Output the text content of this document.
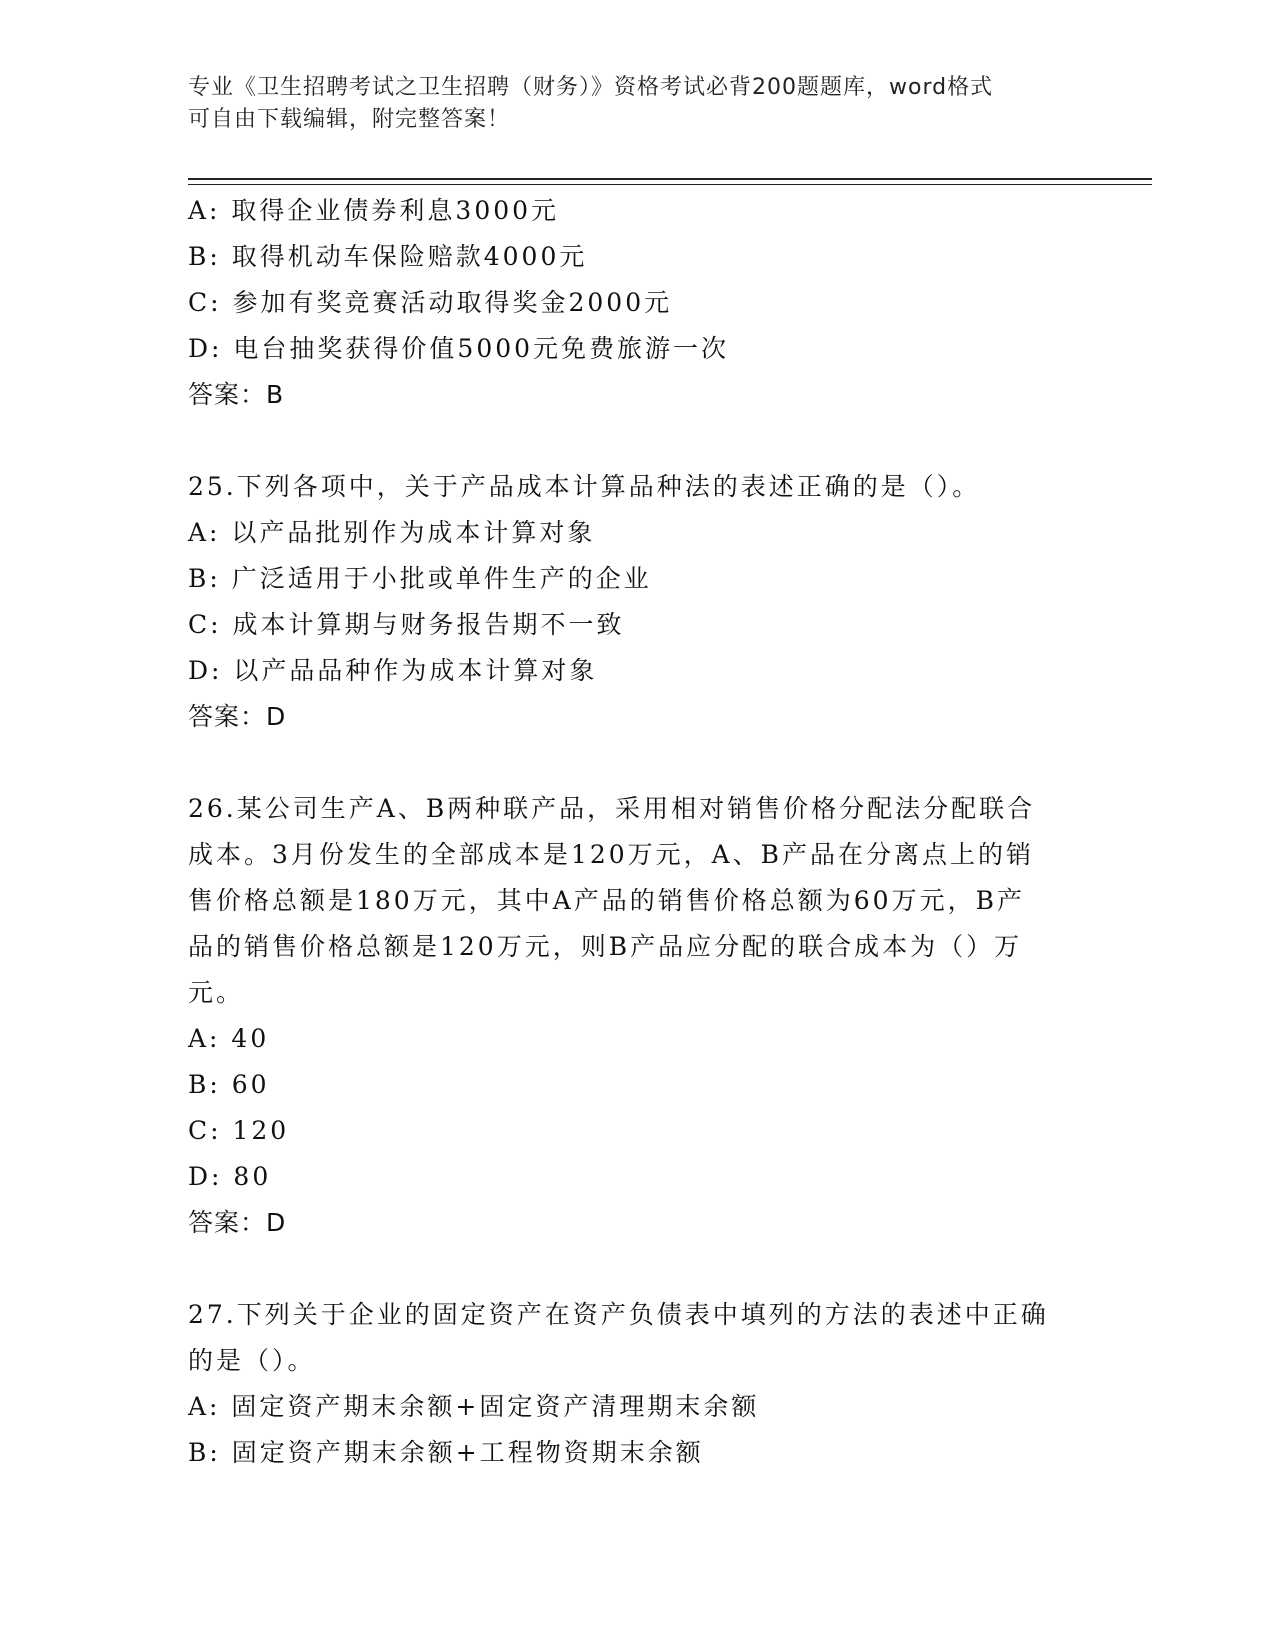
专业《卫生招聘考试之卫生招聘（财务）》资格考试必背200题题库，word格式
可自由下载编辑，附完整答案！
A: 取得企业债券利息3000元
B: 取得机动车保险赔款4000元
C: 参加有奖竞赛活动取得奖金2000元
D: 电台抽奖获得价值5000元免费旅游一次
答案：B
25.下列各项中，关于产品成本计算品种法的表述正确的是（）。
A: 以产品批别作为成本计算对象
B: 广泛适用于小批或单件生产的企业
C: 成本计算期与财务报告期不一致
D: 以产品品种作为成本计算对象
答案：D
26.某公司生产A、B两种联产品，采用相对销售价格分配法分配联合
成本。3月份发生的全部成本是120万元，A、B产品在分离点上的销
售价格总额是180万元，其中A产品的销售价格总额为60万元，B产
品的销售价格总额是120万元，则B产品应分配的联合成本为（）万
元。
A: 40
B: 60
C: 120
D: 80
答案：D
27.下列关于企业的固定资产在资产负债表中填列的方法的表述中正确
的是（）。
A: 固定资产期末余额+固定资产清理期末余额
B: 固定资产期末余额+工程物资期末余额
